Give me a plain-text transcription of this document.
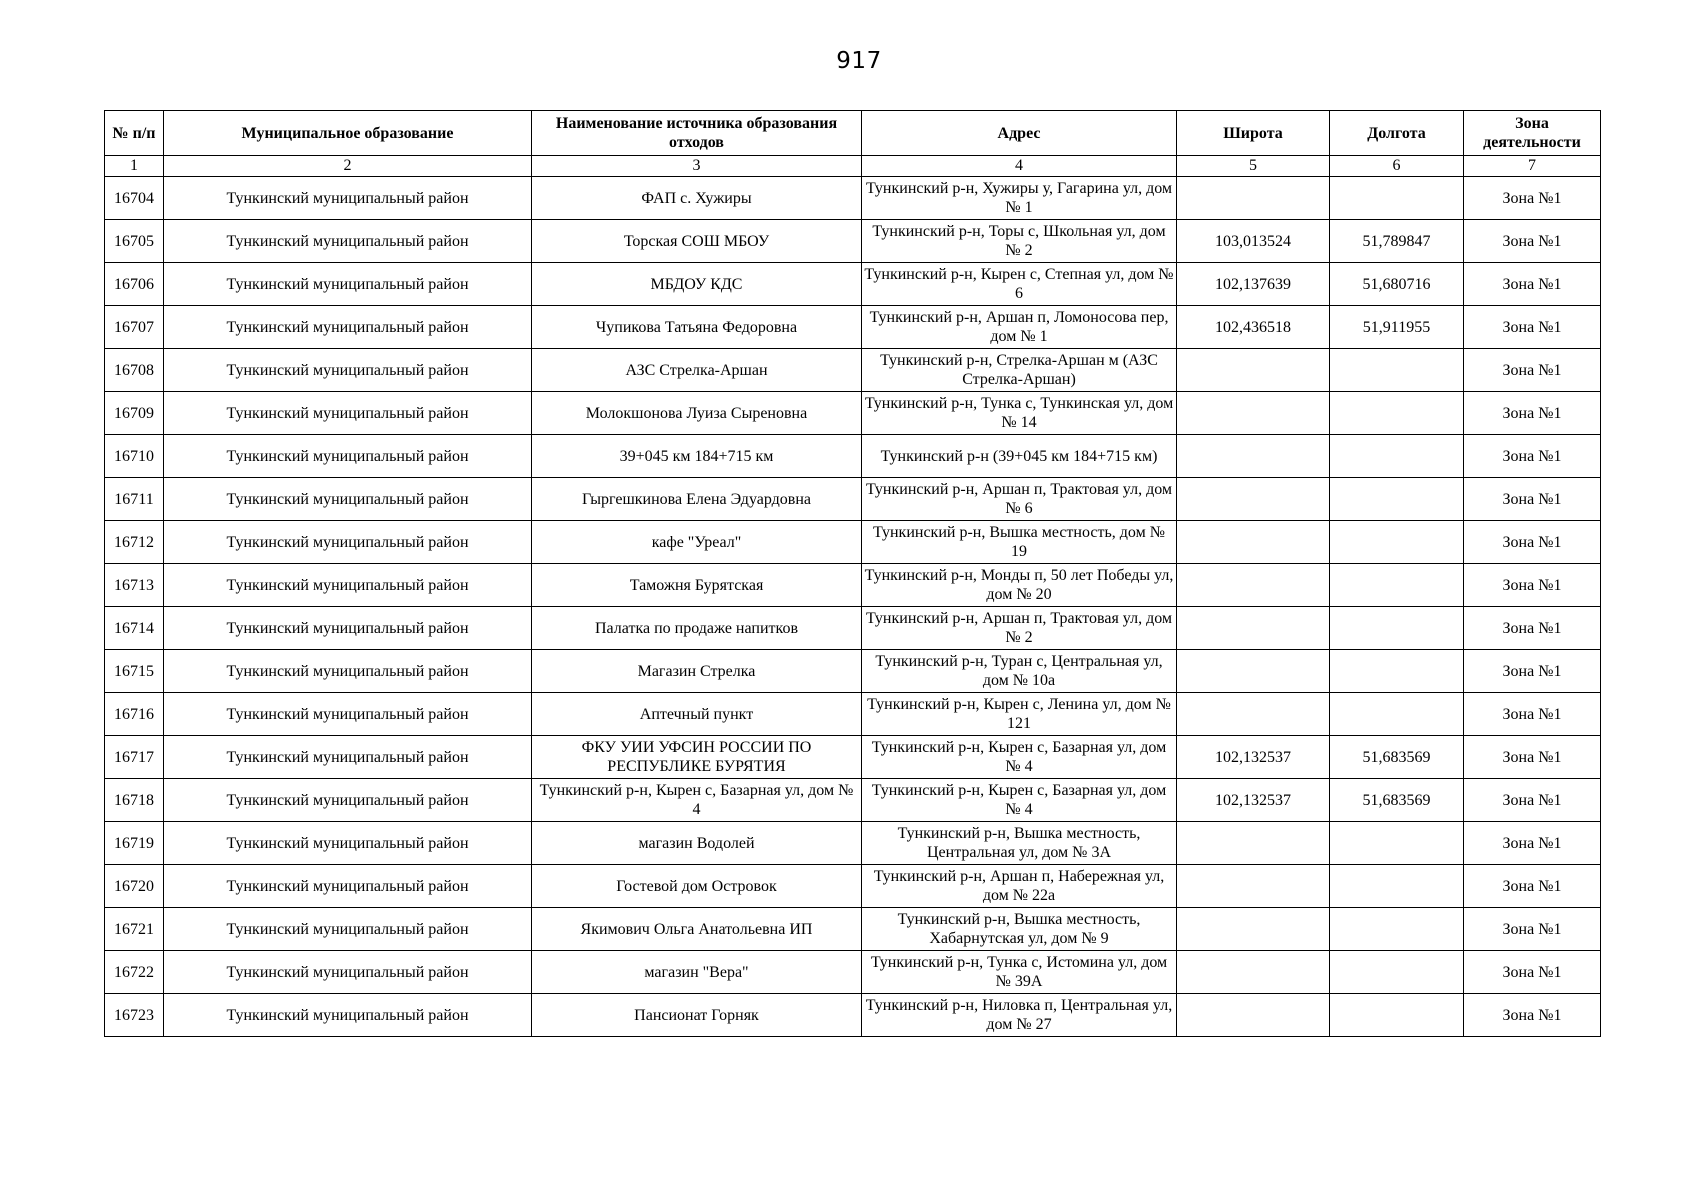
917
№ п/п	Муниципальное образование	Наименование источника образования отходов	Адрес	Широта	Долгота	Зона деятельности
1	2	3	4	5	6	7
16704	Тункинский муниципальный район	ФАП с. Хужиры	Тункинский р-н, Хужиры у, Гагарина ул, дом № 1			Зона №1
16705	Тункинский муниципальный район	Торская СОШ МБОУ	Тункинский р-н, Торы с, Школьная ул, дом № 2	103,013524	51,789847	Зона №1
16706	Тункинский муниципальный район	МБДОУ КДС	Тункинский р-н, Кырен с, Степная ул, дом № 6	102,137639	51,680716	Зона №1
16707	Тункинский муниципальный район	Чупикова Татьяна Федоровна	Тункинский р-н, Аршан п, Ломоносова пер, дом № 1	102,436518	51,911955	Зона №1
16708	Тункинский муниципальный район	АЗС Стрелка-Аршан	Тункинский р-н, Стрелка-Аршан м (АЗС Стрелка-Аршан)			Зона №1
16709	Тункинский муниципальный район	Молокшонова Луиза Сыреновна	Тункинский р-н, Тунка с, Тункинская ул, дом № 14			Зона №1
16710	Тункинский муниципальный район	39+045 км 184+715 км	Тункинский р-н (39+045 км 184+715 км)			Зона №1
16711	Тункинский муниципальный район	Гыргешкинова Елена Эдуардовна	Тункинский р-н, Аршан п, Трактовая ул, дом № 6			Зона №1
16712	Тункинский муниципальный район	кафе "Уреал"	Тункинский р-н, Вышка местность, дом № 19			Зона №1
16713	Тункинский муниципальный район	Таможня Бурятская	Тункинский р-н, Монды п, 50 лет Победы ул, дом № 20			Зона №1
16714	Тункинский муниципальный район	Палатка по продаже напитков	Тункинский р-н, Аршан п, Трактовая ул, дом № 2			Зона №1
16715	Тункинский муниципальный район	Магазин Стрелка	Тункинский р-н, Туран с, Центральная ул, дом № 10а			Зона №1
16716	Тункинский муниципальный район	Аптечный пункт	Тункинский р-н, Кырен с, Ленина ул, дом № 121			Зона №1
16717	Тункинский муниципальный район	ФКУ УИИ УФСИН РОССИИ ПО РЕСПУБЛИКЕ БУРЯТИЯ	Тункинский р-н, Кырен с, Базарная ул, дом № 4	102,132537	51,683569	Зона №1
16718	Тункинский муниципальный район	Тункинский р-н, Кырен с, Базарная ул, дом № 4	Тункинский р-н, Кырен с, Базарная ул, дом № 4	102,132537	51,683569	Зона №1
16719	Тункинский муниципальный район	магазин Водолей	Тункинский р-н, Вышка местность, Центральная ул, дом № 3А			Зона №1
16720	Тункинский муниципальный район	Гостевой дом Островок	Тункинский р-н, Аршан п, Набережная ул, дом № 22а			Зона №1
16721	Тункинский муниципальный район	Якимович Ольга Анатольевна ИП	Тункинский р-н, Вышка местность, Хабарнутская ул, дом № 9			Зона №1
16722	Тункинский муниципальный район	магазин "Вера"	Тункинский р-н, Тунка с, Истомина ул, дом № 39А			Зона №1
16723	Тункинский муниципальный район	Пансионат Горняк	Тункинский р-н, Ниловка п, Центральная ул, дом № 27			Зона №1
